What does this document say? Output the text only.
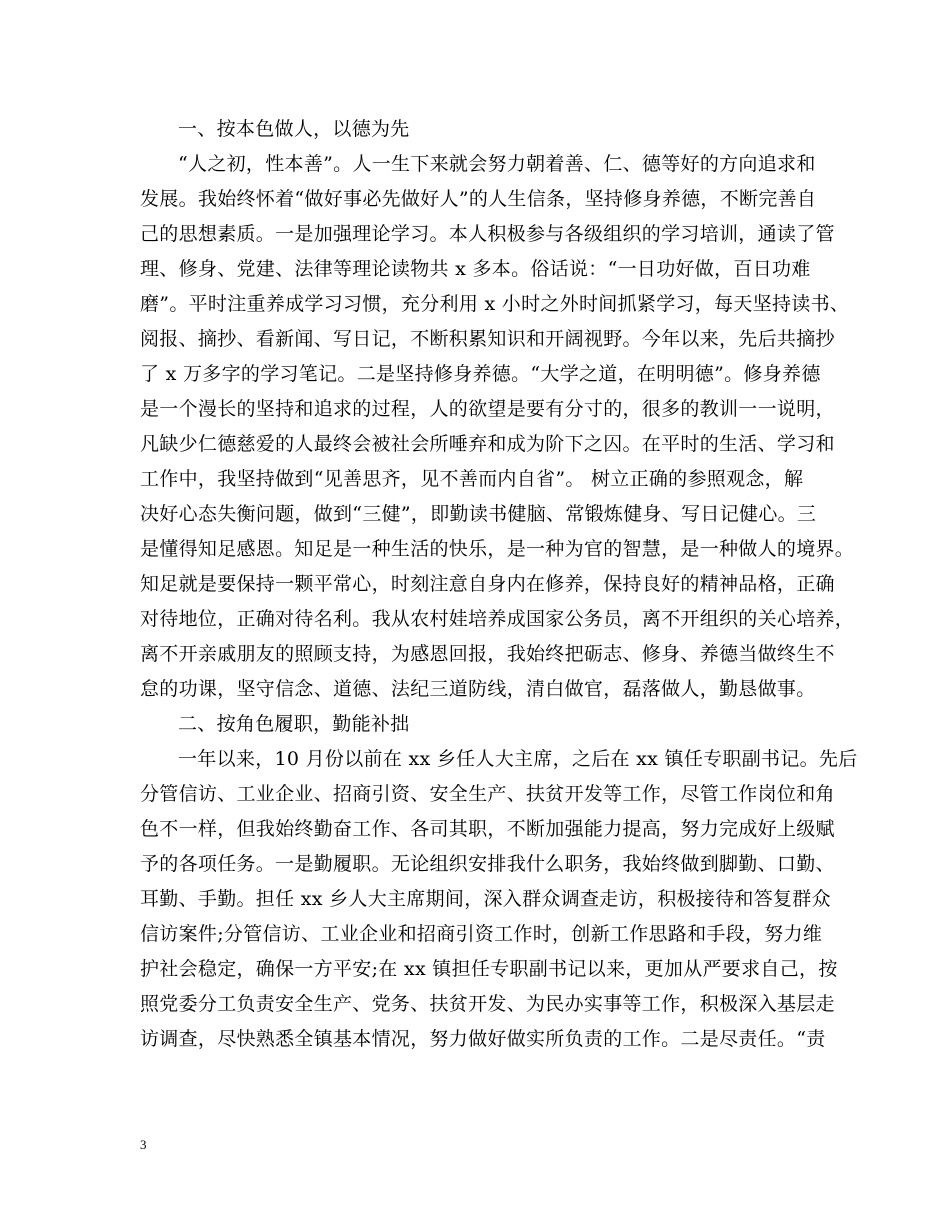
一、按本色做人，以德为先
“人之初，性本善”。人一生下来就会努力朝着善、仁、德等好的方向追求和
发展。我始终怀着“做好事必先做好人”的人生信条，坚持修身养德，不断完善自
己的思想素质。一是加强理论学习。本人积极参与各级组织的学习培训，通读了管
理、修身、党建、法律等理论读物共 x 多本。俗话说：“一日功好做，百日功难
磨”。平时注重养成学习习惯，充分利用 x 小时之外时间抓紧学习，每天坚持读书、
阅报、摘抄、看新闻、写日记，不断积累知识和开阔视野。今年以来，先后共摘抄
了 x 万多字的学习笔记。二是坚持修身养德。“大学之道，在明明德”。修身养德
是一个漫长的坚持和追求的过程，人的欲望是要有分寸的，很多的教训一一说明，
凡缺少仁德慈爱的人最终会被社会所唾弃和成为阶下之囚。在平时的生活、学习和
工作中，我坚持做到“见善思齐，见不善而内自省”。 树立正确的参照观念，解
决好心态失衡问题，做到“三健”，即勤读书健脑、常锻炼健身、写日记健心。三
是懂得知足感恩。知足是一种生活的快乐，是一种为官的智慧，是一种做人的境界。
知足就是要保持一颗平常心，时刻注意自身内在修养，保持良好的精神品格，正确
对待地位，正确对待名利。我从农村娃培养成国家公务员，离不开组织的关心培养，
离不开亲戚朋友的照顾支持，为感恩回报，我始终把砺志、修身、养德当做终生不
怠的功课，坚守信念、道德、法纪三道防线，清白做官，磊落做人，勤恳做事。
二、按角色履职，勤能补拙
一年以来，10 月份以前在 xx 乡任人大主席，之后在 xx 镇任专职副书记。先后
分管信访、工业企业、招商引资、安全生产、扶贫开发等工作，尽管工作岗位和角
色不一样，但我始终勤奋工作、各司其职，不断加强能力提高，努力完成好上级赋
予的各项任务。一是勤履职。无论组织安排我什么职务，我始终做到脚勤、口勤、
耳勤、手勤。担任 xx 乡人大主席期间，深入群众调查走访，积极接待和答复群众
信访案件;分管信访、工业企业和招商引资工作时，创新工作思路和手段，努力维
护社会稳定，确保一方平安;在 xx 镇担任专职副书记以来，更加从严要求自己，按
照党委分工负责安全生产、党务、扶贫开发、为民办实事等工作，积极深入基层走
访调查，尽快熟悉全镇基本情况，努力做好做实所负责的工作。二是尽责任。“责
3
